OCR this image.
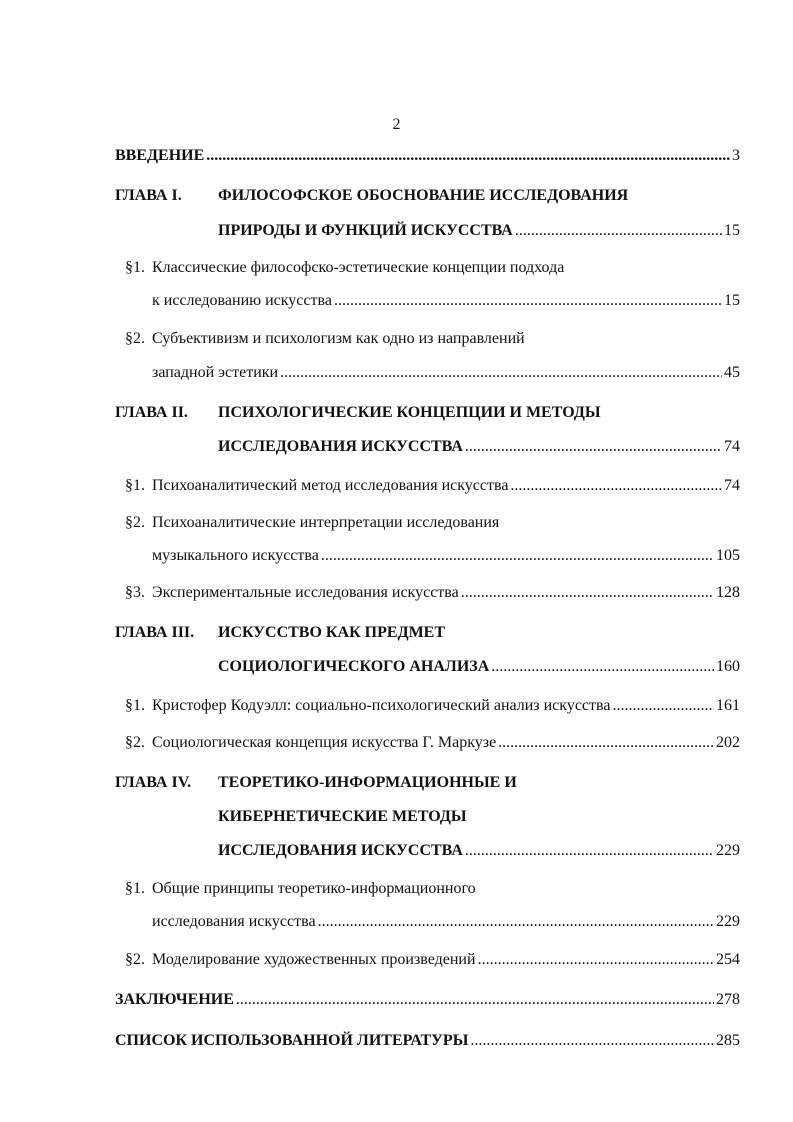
2
ВВЕДЕНИЕ .....	3
ГЛАВА I. ФИЛОСОФСКОЕ ОБОСНОВАНИЕ ИССЛЕДОВАНИЯ
ПРИРОДЫ И ФУНКЦИЙ ИСКУССТВА .....	15
§1. Классические философско-эстетические концепции подхода
к исследованию искусства .....	15
§2. Субъективизм и психологизм как одно из направлений
западной эстетики .....	45
ГЛАВА II. ПСИХОЛОГИЧЕСКИЕ КОНЦЕПЦИИ И МЕТОДЫ
ИССЛЕДОВАНИЯ ИСКУССТВА .....	74
§1. Психоаналитический метод исследования искусства .....	74
§2. Психоаналитические интерпретации исследования
музыкального искусства .....	105
§3. Экспериментальные исследования искусства .....	128
ГЛАВА III. ИСКУССТВО КАК ПРЕДМЕТ
СОЦИОЛОГИЧЕСКОГО АНАЛИЗА .....	160
§1. Кристофер Кодуэлл: социально-психологический анализ искусства .....	161
§2. Социологическая концепция искусства Г. Маркузе .....	202
ГЛАВА IV. ТЕОРЕТИКО-ИНФОРМАЦИОННЫЕ И
КИБЕРНЕТИЧЕСКИЕ МЕТОДЫ
ИССЛЕДОВАНИЯ ИСКУССТВА .....	229
§1. Общие принципы теоретико-информационного
исследования искусства .....	229
§2. Моделирование художественных произведений .....	254
ЗАКЛЮЧЕНИЕ .....	278
СПИСОК ИСПОЛЬЗОВАННОЙ ЛИТЕРАТУРЫ .....	285
